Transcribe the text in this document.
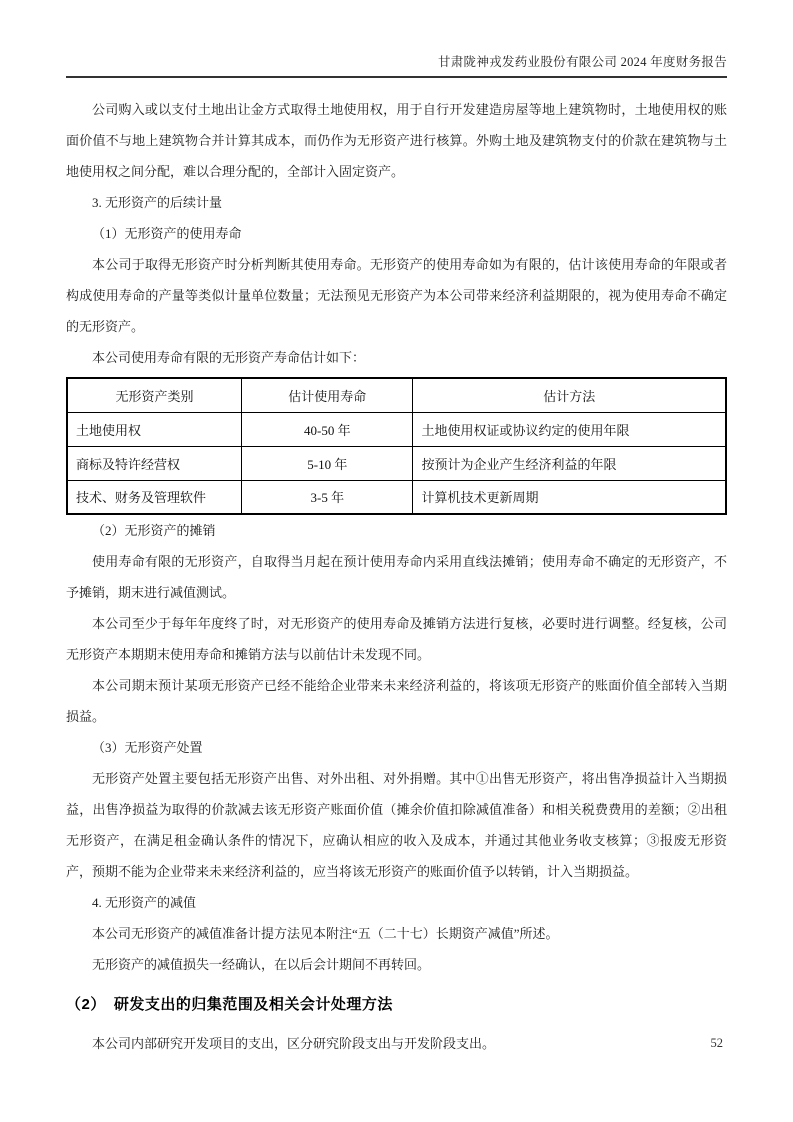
甘肃陇神戎发药业股份有限公司 2024 年度财务报告

公司购入或以支付土地出让金方式取得土地使用权，用于自行开发建造房屋等地上建筑物时，土地使用权的账面价值不与地上建筑物合并计算其成本，而仍作为无形资产进行核算。外购土地及建筑物支付的价款在建筑物与土地使用权之间分配，难以合理分配的，全部计入固定资产。

3. 无形资产的后续计量

（1）无形资产的使用寿命

本公司于取得无形资产时分析判断其使用寿命。无形资产的使用寿命如为有限的，估计该使用寿命的年限或者构成使用寿命的产量等类似计量单位数量；无法预见无形资产为本公司带来经济利益期限的，视为使用寿命不确定的无形资产。

本公司使用寿命有限的无形资产寿命估计如下：

无形资产类别	估计使用寿命	估计方法
土地使用权	40-50 年	土地使用权证或协议约定的使用年限
商标及特许经营权	5-10 年	按预计为企业产生经济利益的年限
技术、财务及管理软件	3-5 年	计算机技术更新周期

（2）无形资产的摊销

使用寿命有限的无形资产，自取得当月起在预计使用寿命内采用直线法摊销；使用寿命不确定的无形资产，不予摊销，期末进行减值测试。

本公司至少于每年年度终了时，对无形资产的使用寿命及摊销方法进行复核，必要时进行调整。经复核，公司无形资产本期期末使用寿命和摊销方法与以前估计未发现不同。

本公司期末预计某项无形资产已经不能给企业带来未来经济利益的，将该项无形资产的账面价值全部转入当期损益。

（3）无形资产处置

无形资产处置主要包括无形资产出售、对外出租、对外捐赠。其中①出售无形资产，将出售净损益计入当期损益，出售净损益为取得的价款减去该无形资产账面价值（摊余价值扣除减值准备）和相关税费费用的差额；②出租无形资产，在满足租金确认条件的情况下，应确认相应的收入及成本，并通过其他业务收支核算；③报废无形资产，预期不能为企业带来未来经济利益的，应当将该无形资产的账面价值予以转销，计入当期损益。

4. 无形资产的减值

本公司无形资产的减值准备计提方法见本附注“五（二十七）长期资产减值”所述。

无形资产的减值损失一经确认，在以后会计期间不再转回。

（2）　研发支出的归集范围及相关会计处理方法

本公司内部研究开发项目的支出，区分研究阶段支出与开发阶段支出。	52
